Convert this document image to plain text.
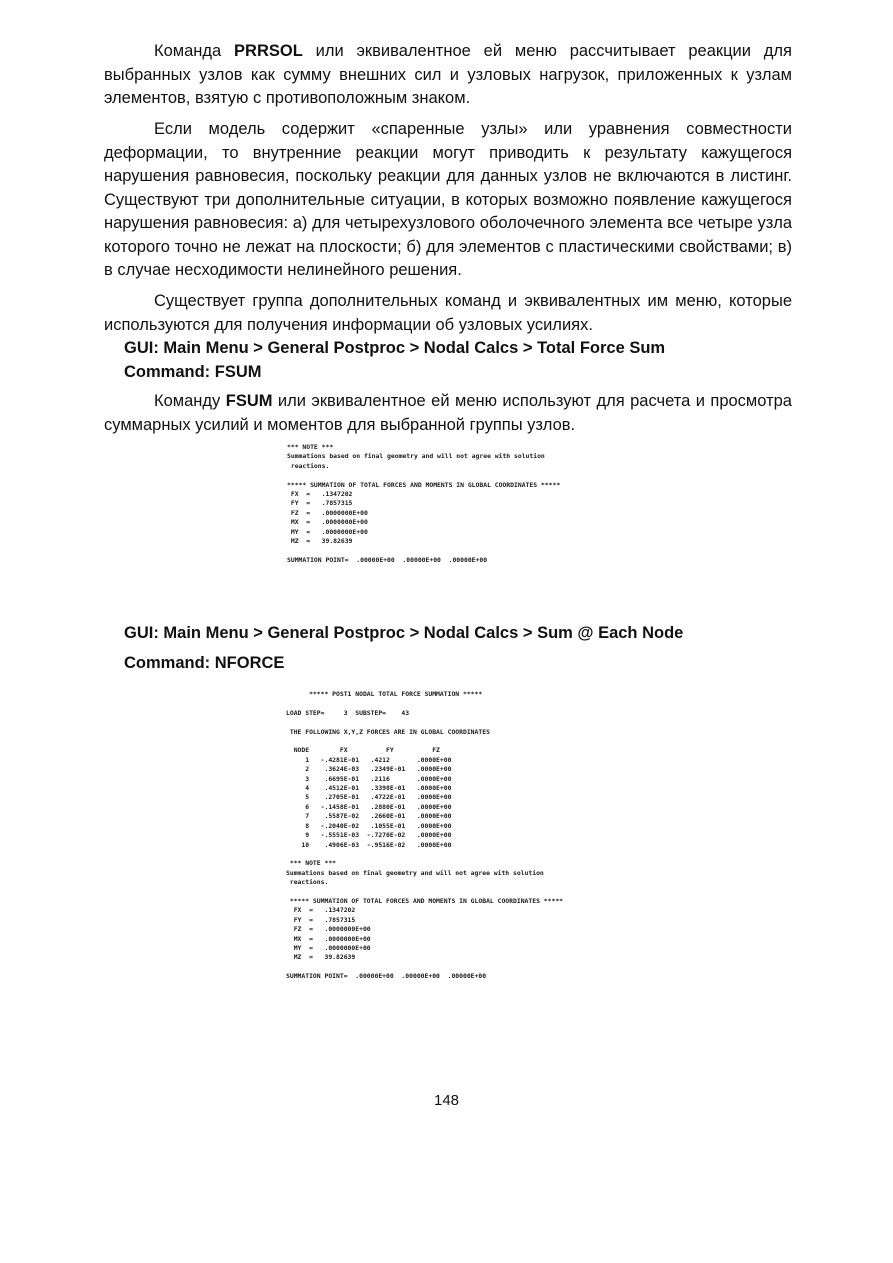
Команда PRRSOL или эквивалентное ей меню рассчитывает реакции для выбранных узлов как сумму внешних сил и узловых нагрузок, приложенных к узлам элементов, взятую с противоположным знаком.

Если модель содержит «спаренные узлы» или уравнения совместности деформации, то внутренние реакции могут приводить к результату кажущегося нарушения равновесия, поскольку реакции для данных узлов не включаются в листинг. Существуют три дополнительные ситуации, в которых возможно появление кажущегося нарушения равновесия: а) для четырехузлового оболочечного элемента все четыре узла которого точно не лежат на плоскости; б) для элементов с пластическими свойствами; в) в случае несходимости нелинейного решения.

Существует группа дополнительных команд и эквивалентных им меню, которые используются для получения информации об узловых усилиях.

GUI: Main Menu > General Postproc > Nodal Calcs > Total Force Sum

Command: FSUM

Команду FSUM или эквивалентное ей меню используют для расчета и просмотра суммарных усилий и моментов для выбранной группы узлов.

*** NOTE ***
Summations based on final geometry and will not agree with solution
reactions.

***** SUMMATION OF TOTAL FORCES AND MOMENTS IN GLOBAL COORDINATES *****
FX  =   .1347202
FY  =   .7857315
FZ  =   .0000000E+00
MX  =   .0000000E+00
MY  =   .0000000E+00
MZ  =   39.82639

SUMMATION POINT=  .00000E+00  .00000E+00  .00000E+00

GUI: Main Menu > General Postproc > Nodal Calcs > Sum @ Each Node

Command: NFORCE

***** POST1 NODAL TOTAL FORCE SUMMATION *****

LOAD STEP=     3  SUBSTEP=    43

THE FOLLOWING X,Y,Z FORCES ARE IN GLOBAL COORDINATES

NODE        FX          FY          FZ
1   -.4281E-01   .4212       .0000E+00
2    .3624E-03   .2349E-01   .0000E+00
3    .6695E-01   .2116       .0000E+00
4    .4512E-01   .3398E-01   .0000E+00
5    .2705E-01   .4722E-01   .0000E+00
6   -.1458E-01   .2880E-01   .0000E+00
7    .5587E-02   .2660E-01   .0000E+00
8   -.2040E-02   .1055E-01   .0000E+00
9   -.5551E-03  -.7270E-02   .0000E+00
10    .4906E-03  -.9516E-02   .0000E+00

*** NOTE ***
Summations based on final geometry and will not agree with solution
reactions.

***** SUMMATION OF TOTAL FORCES AND MOMENTS IN GLOBAL COORDINATES *****
FX  =   .1347202
FY  =   .7857315
FZ  =   .0000000E+00
MX  =   .0000000E+00
MY  =   .0000000E+00
MZ  =   39.82639

SUMMATION POINT=  .00000E+00  .00000E+00  .00000E+00
148
